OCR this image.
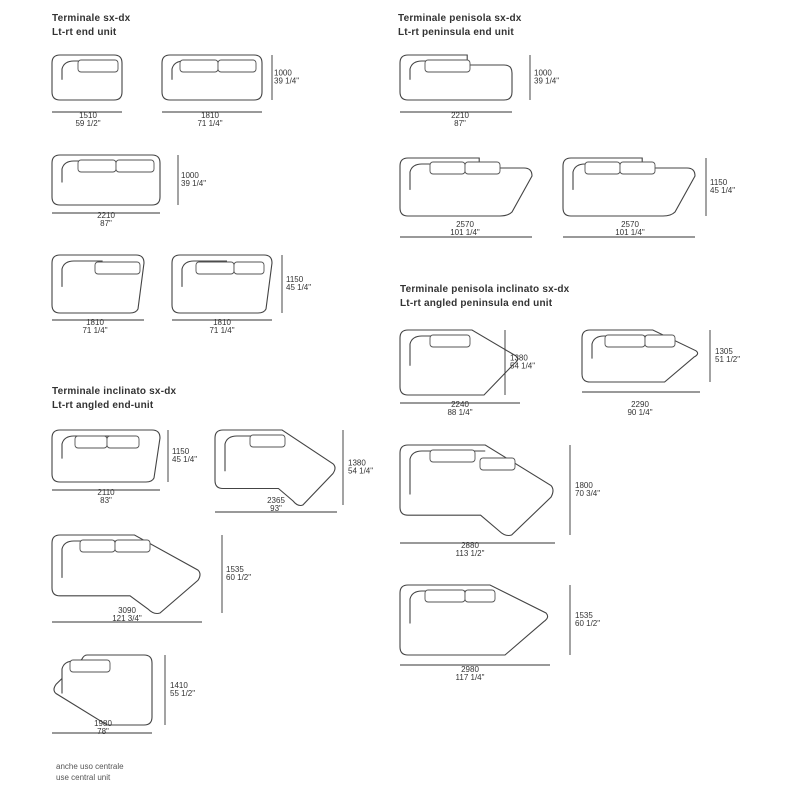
Terminale sx-dx
Lt-rt end unit
Terminale penisola sx-dx
Lt-rt peninsula end unit
Terminale inclinato sx-dx
Lt-rt angled end-unit
Terminale penisola inclinato sx-dx
Lt-rt angled peninsula end unit
1510
59 1/2"
1000
39 1/4"
1810
71 1/4"
2210
87"
1000
39 1/4"
1810
71 1/4"
1810
71 1/4"
1150
45 1/4"
2210
87"
1000
39 1/4"
2570
101 1/4"
2570
101 1/4"
1150
45 1/4"
2110
83"
1150
45 1/4"
2365
93"
1380
54 1/4"
3090
121 3/4"
1535
60 1/2"
1980
78"
1410
55 1/2"
2240
88 1/4"
1380
54 1/4"
2290
90 1/4"
1305
51 1/2"
2880
113 1/2"
1800
70 3/4"
2980
117 1/4"
1535
60 1/2"
anche uso centrale
use central unit
